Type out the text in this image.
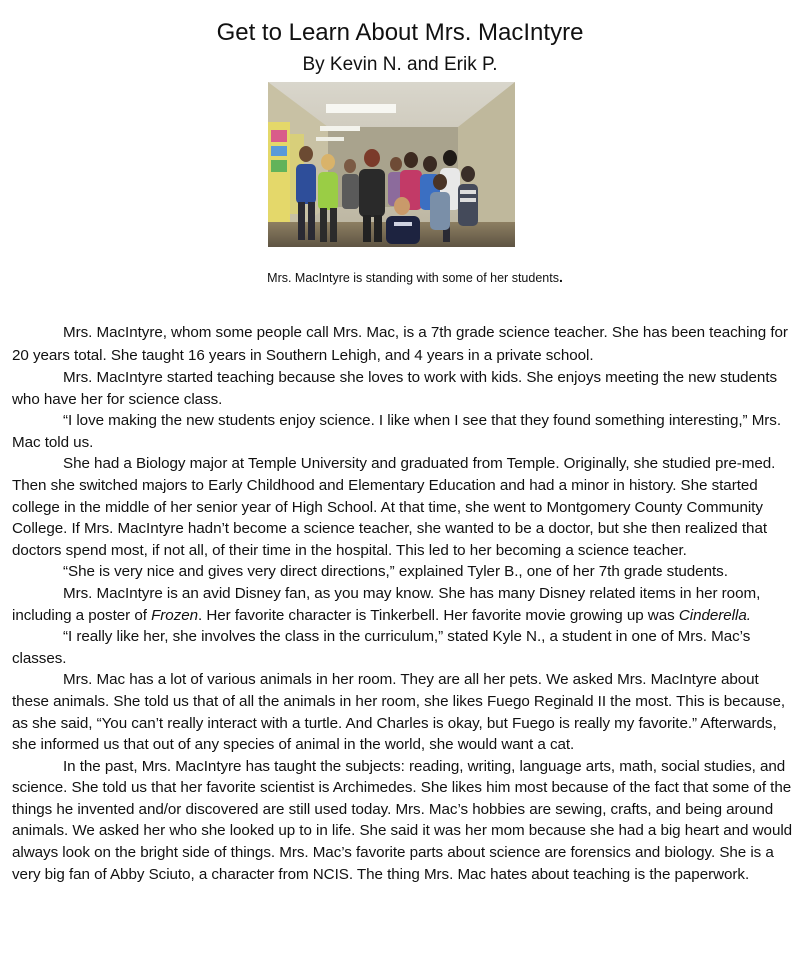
Get to Learn About Mrs. MacIntyre
By Kevin N. and Erik P.
Mrs. MacIntyre is standing with some of her students.

Mrs. MacIntyre, whom some people call Mrs. Mac, is a 7th grade science teacher. She has been teaching for 20 years total. She taught 16 years in Southern Lehigh, and 4 years in a private school.

Mrs. MacIntyre started teaching because she loves to work with kids. She enjoys meeting the new students who have her for science class.

“I love making the new students enjoy science. I like when I see that they found something interesting,” Mrs. Mac told us.

She had a Biology major at Temple University and graduated from Temple. Originally, she studied pre-med. Then she switched majors to Early Childhood and Elementary Education and had a minor in history. She started college in the middle of her senior year of High School. At that time, she went to Montgomery County Community College. If Mrs. MacIntyre hadn’t become a science teacher, she wanted to be a doctor, but she then realized that doctors spend most, if not all, of their time in the hospital. This led to her becoming a science teacher.

“She is very nice and gives very direct directions,” explained Tyler B., one of her 7th grade students.

Mrs. MacIntyre is an avid Disney fan, as you may know. She has many Disney related items in her room, including a poster of Frozen. Her favorite character is Tinkerbell. Her favorite movie growing up was Cinderella.

“I really like her, she involves the class in the curriculum,” stated Kyle N., a student in one of Mrs. Mac’s classes.

Mrs. Mac has a lot of various animals in her room. They are all her pets. We asked Mrs. MacIntyre about these animals. She told us that of all the animals in her room, she likes Fuego Reginald II the most. This is because, as she said, “You can’t really interact with a turtle. And Charles is okay, but Fuego is really my favorite.” Afterwards, she informed us that out of any species of animal in the world, she would want a cat.

In the past, Mrs. MacIntyre has taught the subjects: reading, writing, language arts, math, social studies, and science. She told us that her favorite scientist is Archimedes. She likes him most because of the fact that some of the things he invented and/or discovered are still used today. Mrs. Mac’s hobbies are sewing, crafts, and being around animals. We asked her who she looked up to in life. She said it was her mom because she had a big heart and would always look on the bright side of things. Mrs. Mac’s favorite parts about science are forensics and biology. She is a very big fan of Abby Sciuto, a character from NCIS. The thing Mrs. Mac hates about teaching is the paperwork.
